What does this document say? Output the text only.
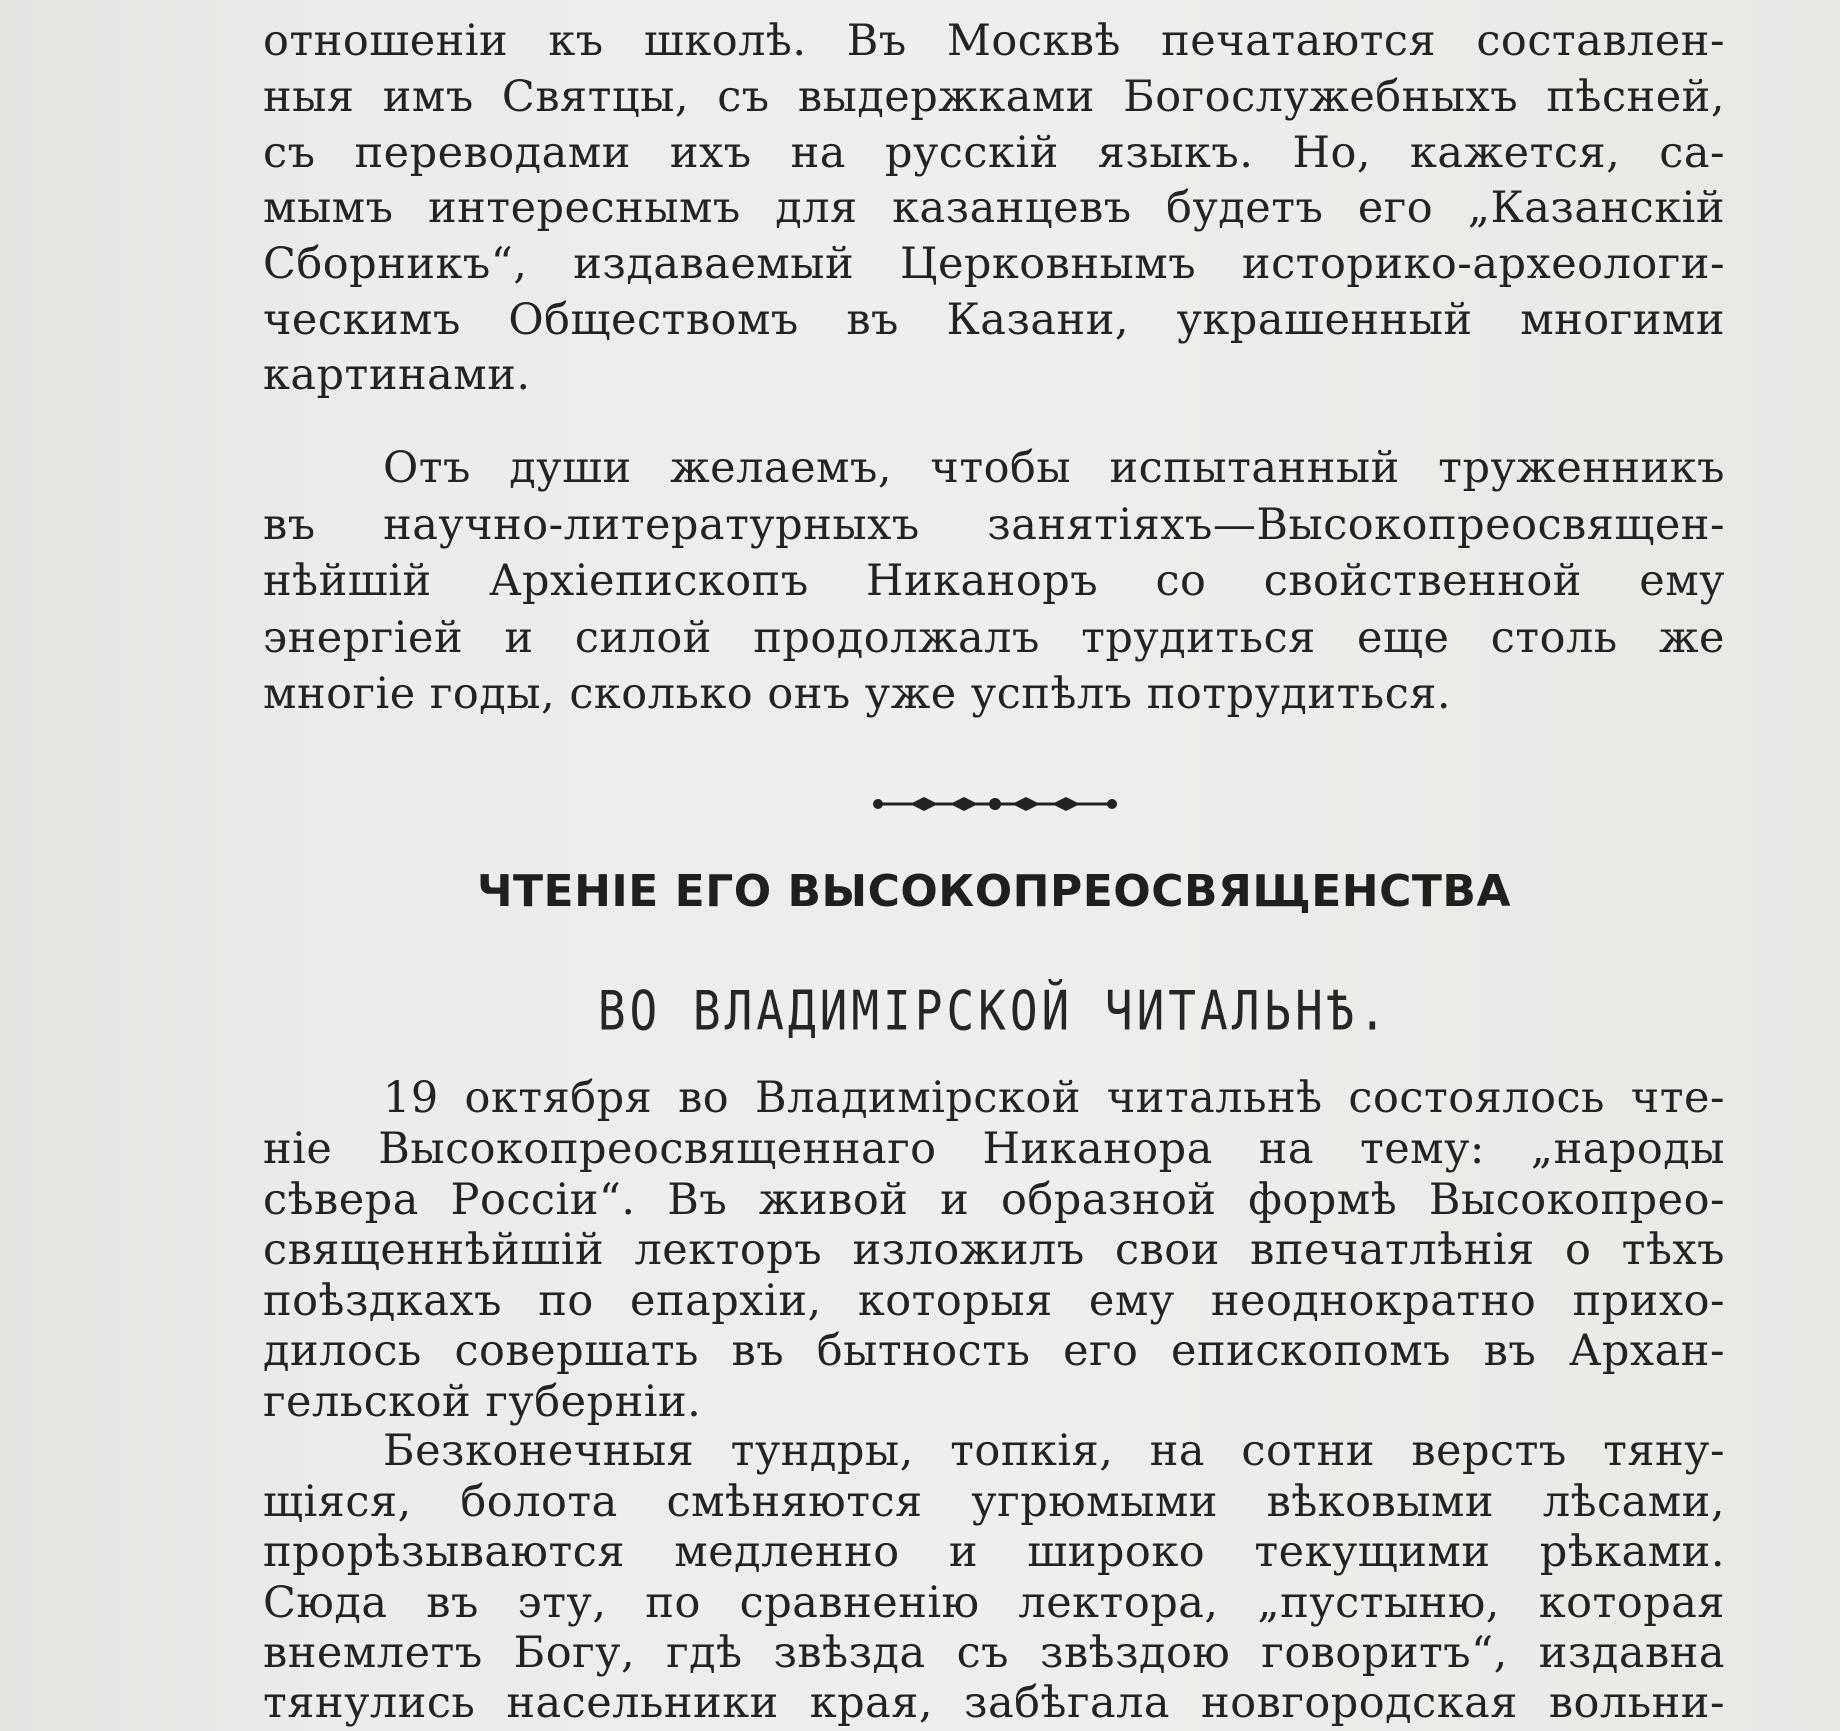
отношеніи къ школѣ. Въ Москвѣ печатаются составлен-
ныя имъ Святцы, съ выдержками Богослужебныхъ пѣсней,
съ переводами ихъ на русскій языкъ. Но, кажется, са-
мымъ интереснымъ для казанцевъ будетъ его „Казанскій
Сборникъ“, издаваемый Церковнымъ историко-археологи-
ческимъ Обществомъ въ Казани, украшенный многими
картинами.
Отъ души желаемъ, чтобы испытанный труженникъ
въ научно-литературныхъ занятіяхъ—Высокопреосвящен-
нѣйшій Архіепископъ Никаноръ со свойственной ему
энергіей и силой продолжалъ трудиться еще столь же
многіе годы, сколько онъ уже успѣлъ потрудиться.
19 октября во Владимірской читальнѣ состоялось чте-
ніе Высокопреосвященнаго Никанора на тему: „народы
сѣвера Россіи“. Въ живой и образной формѣ Высокопрео-
священнѣйшій лекторъ изложилъ свои впечатлѣнія о тѣхъ
поѣздкахъ по епархіи, которыя ему неоднократно прихо-
дилось совершать въ бытность его епископомъ въ Архан-
гельской губерніи.
Безконечныя тундры, топкія, на сотни верстъ тяну-
щіяся, болота смѣняются угрюмыми вѣковыми лѣсами,
прорѣзываются медленно и широко текущими рѣками.
Сюда въ эту, по сравненію лектора, „пустыню, которая
внемлетъ Богу, гдѣ звѣзда съ звѣздою говоритъ“, издавна
тянулись насельники края, забѣгала новгородская вольни-
ЧТЕНІЕ ЕГО ВЫСОКОПРЕОСВЯЩЕНСТВА
ВО ВЛАДИМІРСКОЙ ЧИТАЛЬНѢ.
